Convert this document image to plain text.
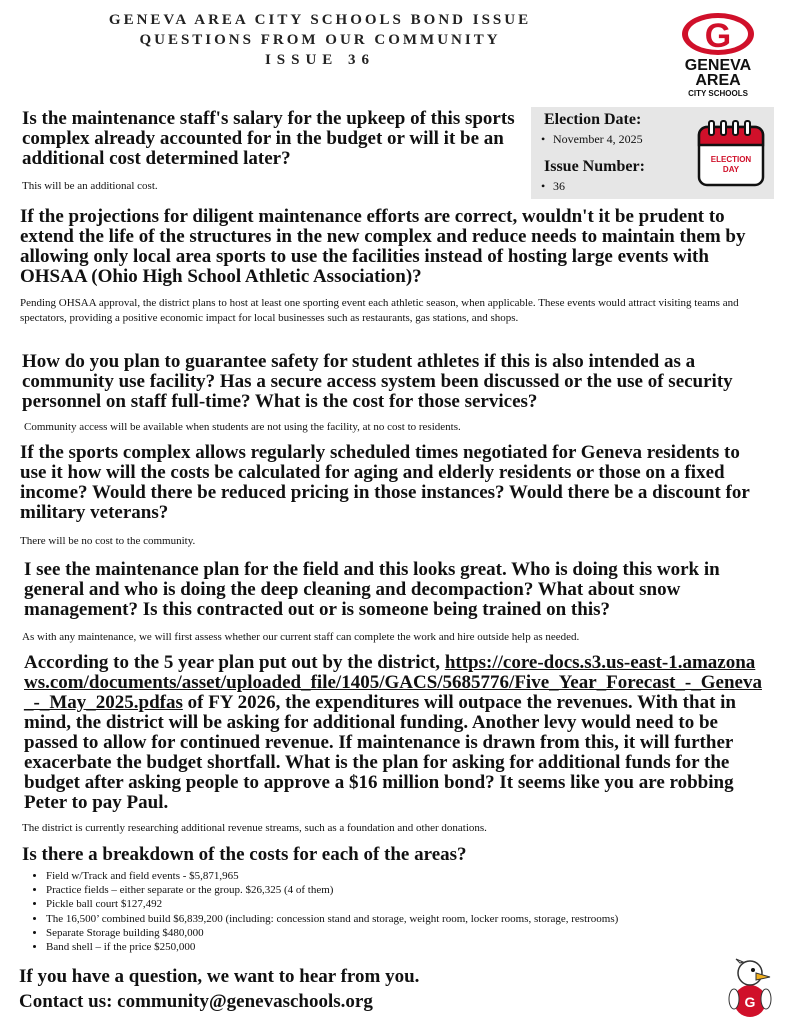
GENEVA AREA CITY SCHOOLS BOND ISSUE
QUESTIONS FROM OUR COMMUNITY
ISSUE 36
G
GENEVA
AREA
CITY SCHOOLS
Election Date:
• November 4, 2025
Issue Number:
• 36
ELECTION
DAY

Is the maintenance staff's salary for the upkeep of this sports complex already accounted for in the budget or will it be an additional cost determined later?

This will be an additional cost.

If the projections for diligent maintenance efforts are correct, wouldn't it be prudent to extend the life of the structures in the new complex and reduce needs to maintain them by allowing only local area sports to use the facilities instead of hosting large events with OHSAA (Ohio High School Athletic Association)?

Pending OHSAA approval, the district plans to host at least one sporting event each athletic season, when applicable. These events would attract visiting teams and spectators, providing a positive economic impact for local businesses such as restaurants, gas stations, and shops.

How do you plan to guarantee safety for student athletes if this is also intended as a community use facility? Has a secure access system been discussed or the use of security personnel on staff full-time? What is the cost for those services?

Community access will be available when students are not using the facility, at no cost to residents.

If the sports complex allows regularly scheduled times negotiated for Geneva residents to use it how will the costs be calculated for aging and elderly residents or those on a fixed income? Would there be reduced pricing in those instances? Would there be a discount for military veterans?

There will be no cost to the community.

I see the maintenance plan for the field and this looks great. Who is doing this work in general and who is doing the deep cleaning and decompaction? What about snow management? Is this contracted out or is someone being trained on this?

As with any maintenance, we will first assess whether our current staff can complete the work and hire outside help as needed.

According to the 5 year plan put out by the district, https://core-docs.s3.us-east-1.amazonaws.com/documents/asset/uploaded_file/1405/GACS/5685776/Five_Year_Forecast_-_Geneva_-_May_2025.pdfas of FY 2026, the expenditures will outpace the revenues. With that in mind, the district will be asking for additional funding. Another levy would need to be passed to allow for continued revenue. If maintenance is drawn from this, it will further exacerbate the budget shortfall. What is the plan for asking for additional funds for the budget after asking people to approve a $16 million bond? It seems like you are robbing Peter to pay Paul.

The district is currently researching additional revenue streams, such as a foundation and other donations.

Is there a breakdown of the costs for each of the areas?

• Field w/Track and field events - $5,871,965
• Practice fields – either separate or the group. $26,325 (4 of them)
• Pickle ball court $127,492
• The 16,500’ combined build $6,839,200 (including: concession stand and storage, weight room, locker rooms, storage, restrooms)
• Separate Storage building $480,000
• Band shell – if the price $250,000
If you have a question, we want to hear from you.
Contact us: community@genevaschools.org	G
